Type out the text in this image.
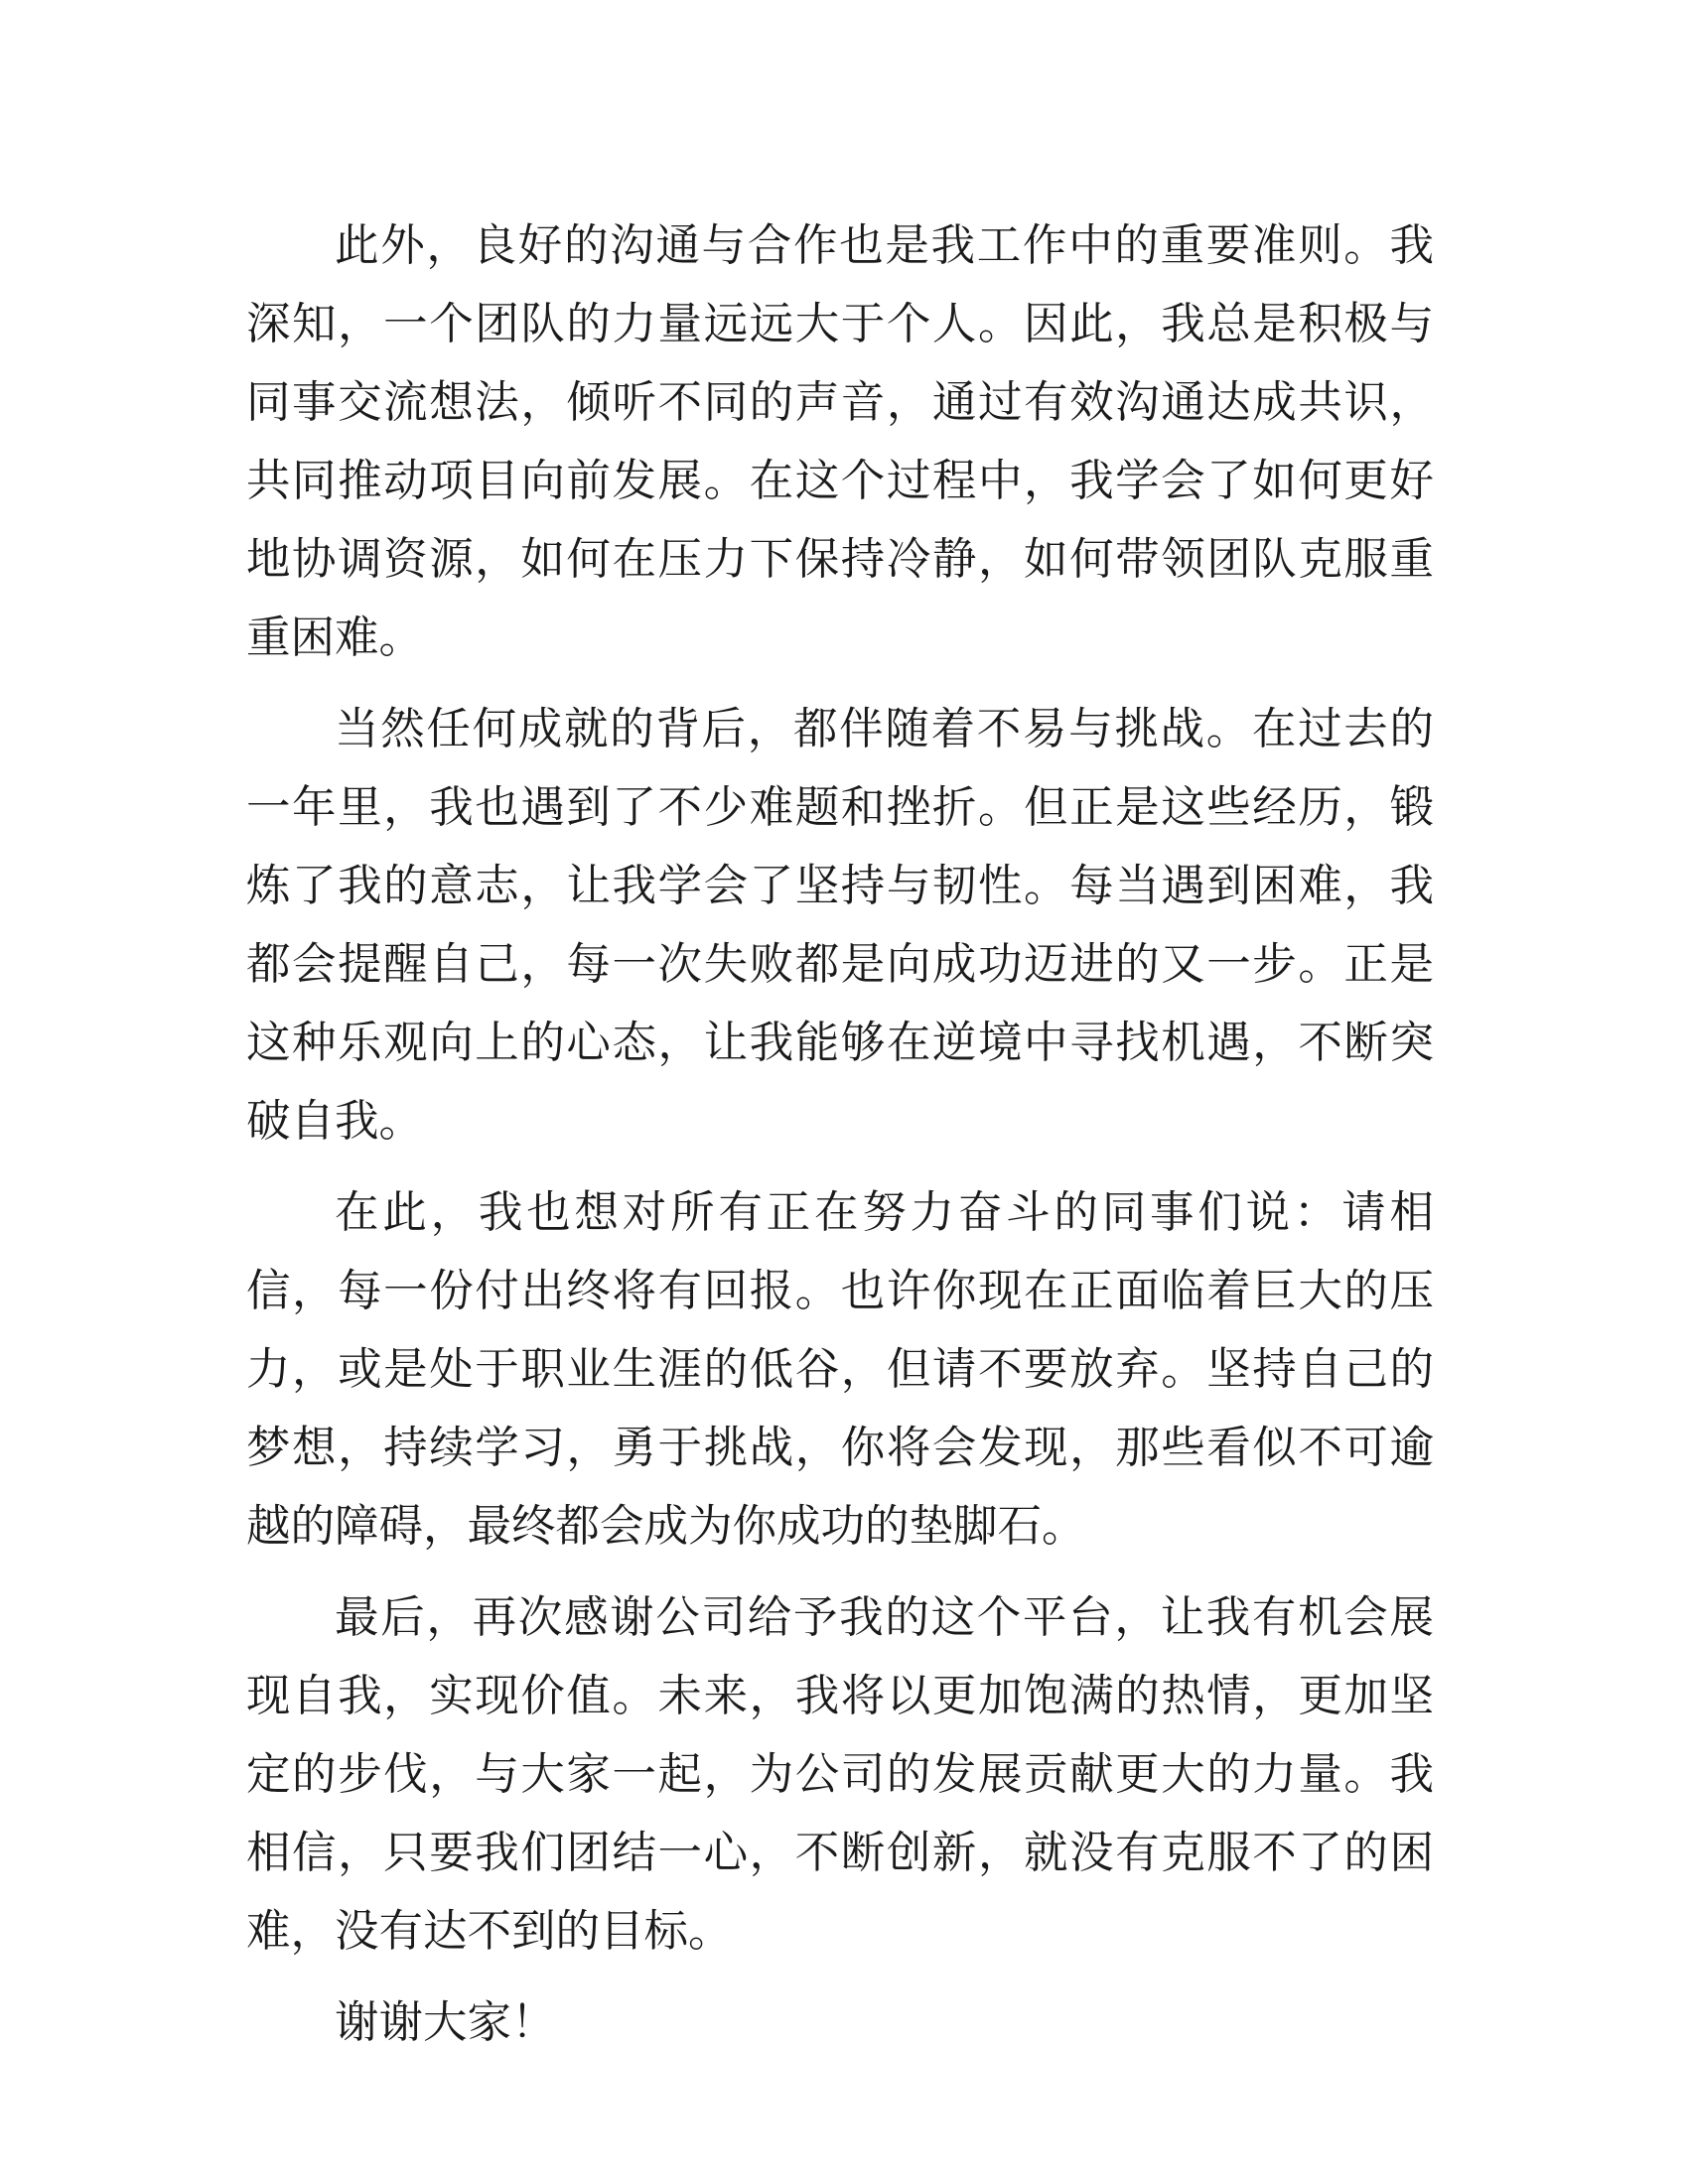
此外，良好的沟通与合作也是我工作中的重要准则。我深知，一个团队的力量远远大于个人。因此，我总是积极与同事交流想法，倾听不同的声音，通过有效沟通达成共识，共同推动项目向前发展。在这个过程中，我学会了如何更好地协调资源，如何在压力下保持冷静，如何带领团队克服重重困难。

当然任何成就的背后，都伴随着不易与挑战。在过去的一年里，我也遇到了不少难题和挫折。但正是这些经历，锻炼了我的意志，让我学会了坚持与韧性。每当遇到困难，我都会提醒自己，每一次失败都是向成功迈进的又一步。正是这种乐观向上的心态，让我能够在逆境中寻找机遇，不断突破自我。

在此，我也想对所有正在努力奋斗的同事们说：请相信，每一份付出终将有回报。也许你现在正面临着巨大的压力，或是处于职业生涯的低谷，但请不要放弃。坚持自己的梦想，持续学习，勇于挑战，你将会发现，那些看似不可逾越的障碍，最终都会成为你成功的垫脚石。

最后，再次感谢公司给予我的这个平台，让我有机会展现自我，实现价值。未来，我将以更加饱满的热情，更加坚定的步伐，与大家一起，为公司的发展贡献更大的力量。我相信，只要我们团结一心，不断创新，就没有克服不了的困难，没有达不到的目标。

谢谢大家！
